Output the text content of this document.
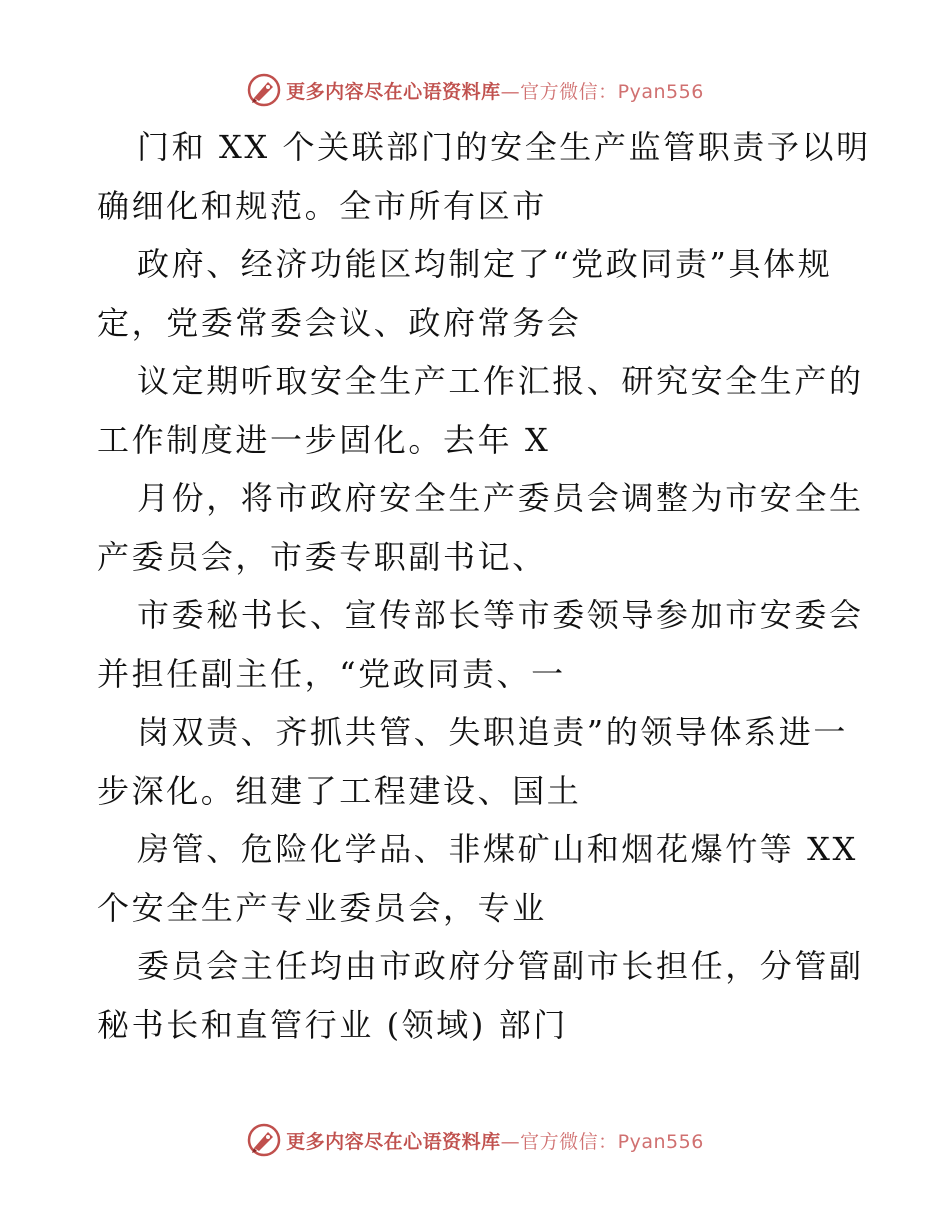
更多内容尽在心语资料库—官方微信：Pyan556
门和 XX 个关联部门的安全生产监管职责予以明
确细化和规范。全市所有区市
政府、经济功能区均制定了“党政同责”具体规
定，党委常委会议、政府常务会
议定期听取安全生产工作汇报、研究安全生产的
工作制度进一步固化。去年 X
月份，将市政府安全生产委员会调整为市安全生
产委员会，市委专职副书记、
市委秘书长、宣传部长等市委领导参加市安委会
并担任副主任，“党政同责、一
岗双责、齐抓共管、失职追责”的领导体系进一
步深化。组建了工程建设、国土
房管、危险化学品、非煤矿山和烟花爆竹等 XX
个安全生产专业委员会，专业
委员会主任均由市政府分管副市长担任，分管副
秘书长和直管行业 (领域) 部门
更多内容尽在心语资料库—官方微信：Pyan556
